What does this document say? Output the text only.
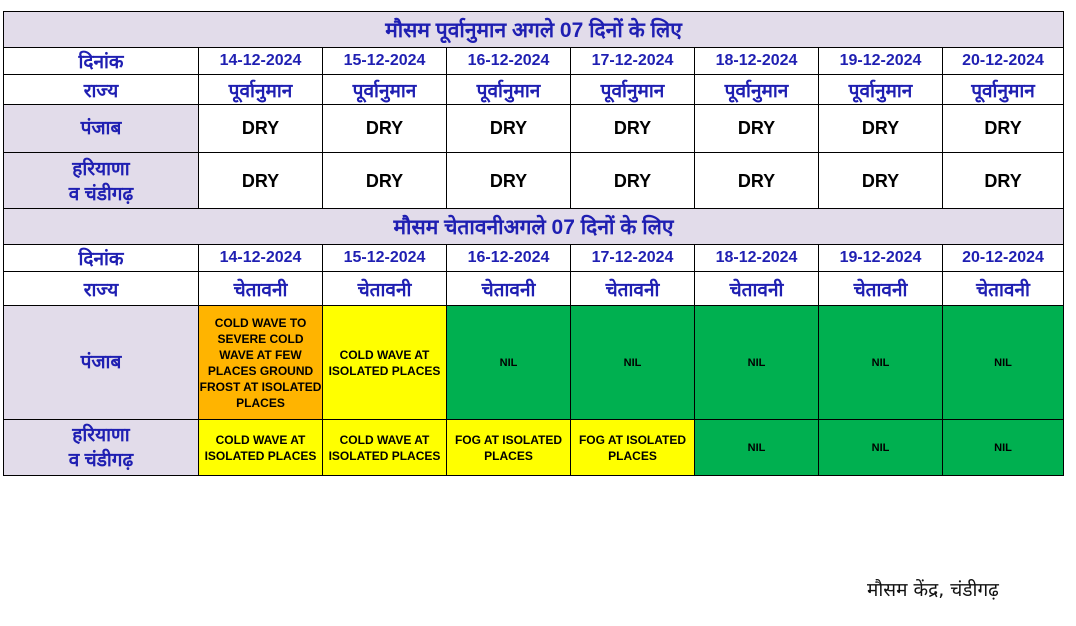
मौसम पूर्वानुमान अगले 07 दिनों के लिए							
दिनांक	14-12-2024	15-12-2024	16-12-2024	17-12-2024	18-12-2024	19-12-2024	20-12-2024
राज्य	पूर्वानुमान	पूर्वानुमान	पूर्वानुमान	पूर्वानुमान	पूर्वानुमान	पूर्वानुमान	पूर्वानुमान
पंजाब	DRY	DRY	DRY	DRY	DRY	DRY	DRY

हरियाणा
व चंडीगढ़	DRY	DRY	DRY	DRY	DRY	DRY	DRY
मौसम चेतावनीअगले 07 दिनों के लिए							
दिनांक	14-12-2024	15-12-2024	16-12-2024	17-12-2024	18-12-2024	19-12-2024	20-12-2024
राज्य	चेतावनी	चेतावनी	चेतावनी	चेतावनी	चेतावनी	चेतावनी	चेतावनी
पंजाब	COLD WAVE TO SEVERE COLD WAVE AT FEW PLACES GROUND FROST AT ISOLATED PLACES	COLD WAVE AT ISOLATED PLACES	NIL	NIL	NIL	NIL	NIL

हरियाणा
व चंडीगढ़	COLD WAVE AT ISOLATED PLACES	COLD WAVE AT ISOLATED PLACES	FOG AT ISOLATED PLACES	FOG AT ISOLATED PLACES	NIL	NIL	NIL
मौसम केंद्र, चंडीगढ़
